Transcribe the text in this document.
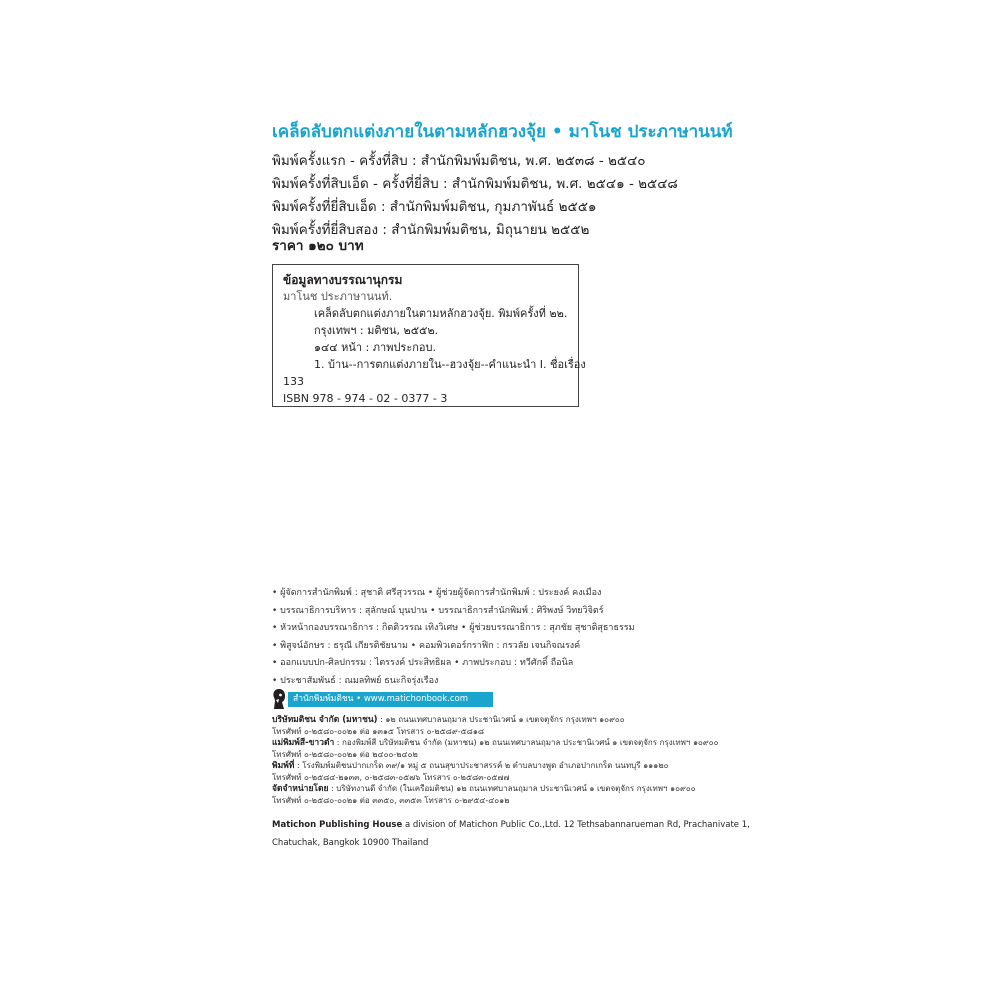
เคล็ดลับตกแต่งภายในตามหลักฮวงจุ้ย • มาโนช ประภาษานนท์
พิมพ์ครั้งแรก - ครั้งที่สิบ : สำนักพิมพ์มติชน, พ.ศ. ๒๕๓๘ - ๒๕๔๐
พิมพ์ครั้งที่สิบเอ็ด - ครั้งที่ยี่สิบ : สำนักพิมพ์มติชน, พ.ศ. ๒๕๔๑ - ๒๕๔๘
พิมพ์ครั้งที่ยี่สิบเอ็ด : สำนักพิมพ์มติชน, กุมภาพันธ์ ๒๕๕๑
พิมพ์ครั้งที่ยี่สิบสอง : สำนักพิมพ์มติชน, มิถุนายน ๒๕๕๒
ราคา ๑๒๐ บาท
ข้อมูลทางบรรณานุกรม
มาโนช ประภาษานนท์.
เคล็ดลับตกแต่งภายในตามหลักฮวงจุ้ย. พิมพ์ครั้งที่ ๒๒.
กรุงเทพฯ : มติชน, ๒๕๕๒.
๑๔๔ หน้า : ภาพประกอบ.
1. บ้าน--การตกแต่งภายใน--ฮวงจุ้ย--คำแนะนำ I. ชื่อเรื่อง
133
ISBN 978 - 974 - 02 - 0377 - 3
• ผู้จัดการสำนักพิมพ์ : สุชาติ ศรีสุวรรณ • ผู้ช่วยผู้จัดการสำนักพิมพ์ : ประยงค์ คงเมือง
• บรรณาธิการบริหาร : สุลักษณ์ บุนปาน • บรรณาธิการสำนักพิมพ์ : ศิริพงษ์ วิทยวิจิตร์
• หัวหน้ากองบรรณาธิการ : กิตติวรรณ เทิงวิเศษ • ผู้ช่วยบรรณาธิการ : สุภชัย สุชาติสุธาธรรม
• พิสูจน์อักษร : ธรุณี เกียรติชัยนาม • คอมพิวเตอร์กราฟิก : กรวลัย เจนกิจณรงค์
• ออกแบบปก-ศิลปกรรม : ไตรรงค์ ประสิทธิผล • ภาพประกอบ : ทวีศักดิ์ ถือนิล
• ประชาสัมพันธ์ : ณมลทิพย์ ธนะกิจรุ่งเรือง
สำนักพิมพ์มติชน • www.matichonbook.com
บริษัทมติชน จำกัด (มหาชน) : ๑๒ ถนนเทศบาลนฤมาล ประชานิเวศน์ ๑ เขตจตุจักร กรุงเทพฯ ๑๐๙๐๐
โทรศัพท์ ๐-๒๕๘๐-๐๐๒๑ ต่อ ๑๓๑๕ โทรสาร ๐-๒๕๘๙-๕๘๑๘
แม่พิมพ์สี-ขาวดำ : กองพิมพ์สี บริษัทมติชน จำกัด (มหาชน) ๑๒ ถนนเทศบาลนฤมาล ประชานิเวศน์ ๑ เขตจตุจักร กรุงเทพฯ ๑๐๙๐๐
โทรศัพท์ ๐-๒๕๘๐-๐๐๒๑ ต่อ ๒๔๐๐-๒๔๐๒
พิมพ์ที่ : โรงพิมพ์มติชนปากเกร็ด ๓๙/๑ หมู่ ๕ ถนนสุขาประชาสรรค์ ๒ ตำบลบางพูด อำเภอปากเกร็ด นนทบุรี ๑๑๑๒๐
โทรศัพท์ ๐-๒๕๘๔-๒๑๓๓, ๐-๒๕๘๓-๐๕๗๖ โทรสาร ๐-๒๕๘๓-๐๕๗๗
จัดจำหน่ายโดย : บริษัทงานดี จำกัด (ในเครือมติชน) ๑๒ ถนนเทศบาลนฤมาล ประชานิเวศน์ ๑ เขตจตุจักร กรุงเทพฯ ๑๐๙๐๐
โทรศัพท์ ๐-๒๕๘๐-๐๐๒๑ ต่อ ๓๓๕๐, ๓๓๕๓ โทรสาร ๐-๒๙๕๔-๔๐๑๒
Matichon Publishing House a division of Matichon Public Co.,Ltd. 12 Tethsabannarueman Rd, Prachanivate 1,
Chatuchak, Bangkok 10900 Thailand
